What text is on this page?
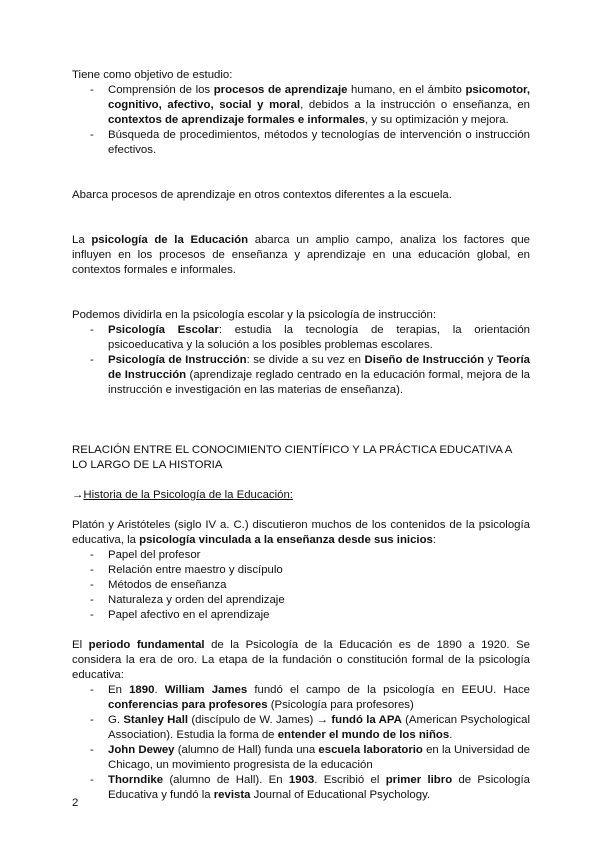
Tiene como objetivo de estudio:

- Comprensión de los procesos de aprendizaje humano, en el ámbito psicomotor, cognitivo, afectivo, social y moral, debidos a la instrucción o enseñanza, en contextos de aprendizaje formales e informales, y su optimización y mejora.
- Búsqueda de procedimientos, métodos y tecnologías de intervención o instrucción efectivos.

Abarca procesos de aprendizaje en otros contextos diferentes a la escuela.

La psicología de la Educación abarca un amplio campo, analiza los factores que influyen en los procesos de enseñanza y aprendizaje en una educación global, en contextos formales e informales.

Podemos dividirla en la psicología escolar y la psicología de instrucción:

- Psicología Escolar: estudia la tecnología de terapias, la orientación psicoeducativa y la solución a los posibles problemas escolares.
- Psicología de Instrucción: se divide a su vez en Diseño de Instrucción y Teoría de Instrucción (aprendizaje reglado centrado en la educación formal, mejora de la instrucción e investigación en las materias de enseñanza).

RELACIÓN ENTRE EL CONOCIMIENTO CIENTÍFICO Y LA PRÁCTICA EDUCATIVA A LO LARGO DE LA HISTORIA

→Historia de la Psicología de la Educación:

Platón y Aristóteles (siglo IV a. C.) discutieron muchos de los contenidos de la psicología educativa, la psicología vinculada a la enseñanza desde sus inicios:

- Papel del profesor
- Relación entre maestro y discípulo
- Métodos de enseñanza
- Naturaleza y orden del aprendizaje
- Papel afectivo en el aprendizaje

El periodo fundamental de la Psicología de la Educación es de 1890 a 1920. Se considera la era de oro. La etapa de la fundación o constitución formal de la psicología educativa:

- En 1890. William James fundó el campo de la psicología en EEUU. Hace conferencias para profesores (Psicología para profesores)
- G. Stanley Hall (discípulo de W. James) → fundó la APA (American Psychological Association). Estudia la forma de entender el mundo de los niños.
- John Dewey (alumno de Hall) funda una escuela laboratorio en la Universidad de Chicago, un movimiento progresista de la educación
- Thorndike (alumno de Hall). En 1903. Escribió el primer libro de Psicología Educativa y fundó la revista Journal of Educational Psychology.
2
